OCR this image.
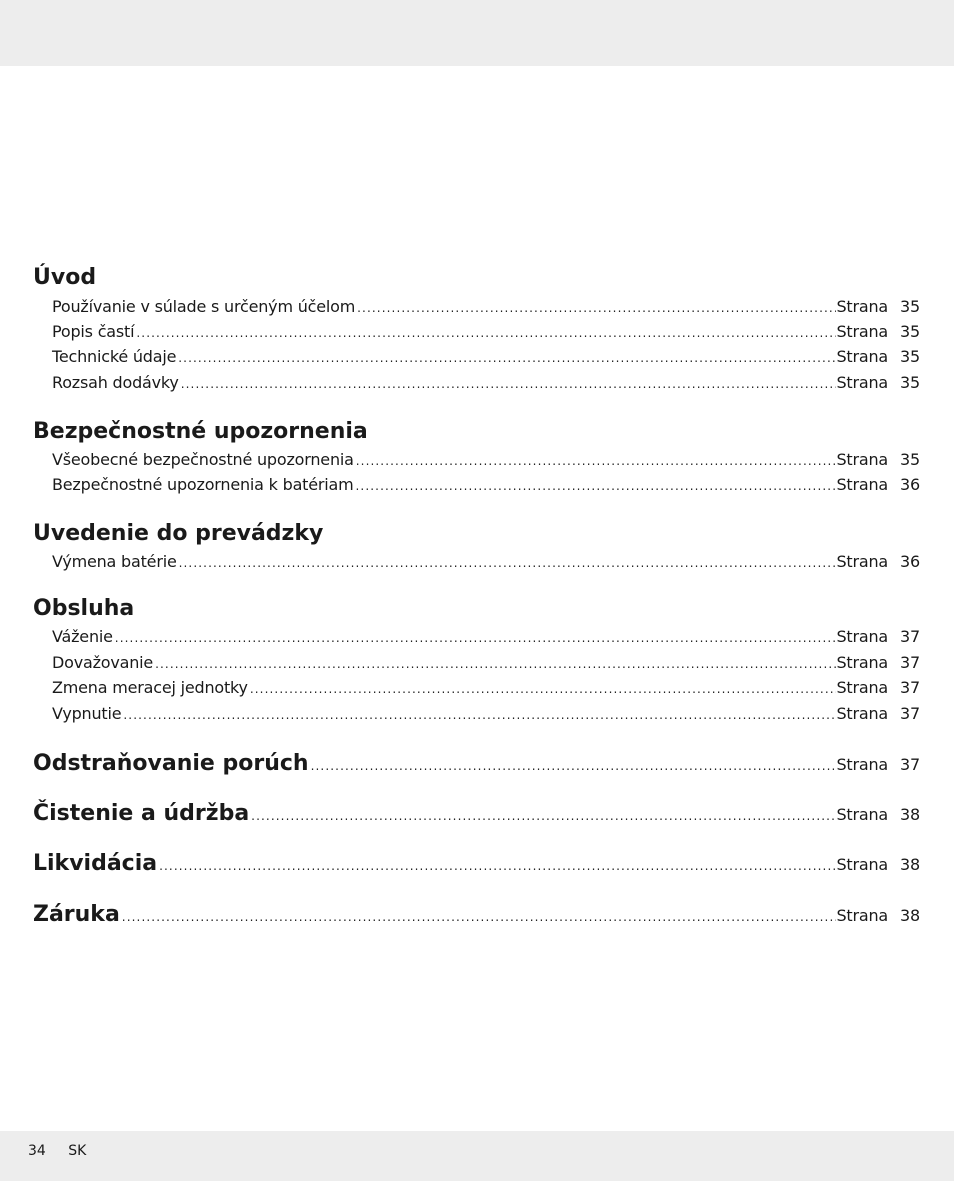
Úvod
Používanie v súlade s určeným účelom .....	Strana 35
Popis častí .....	Strana 35
Technické údaje .....	Strana 35
Rozsah dodávky .....	Strana 35
Bezpečnostné upozornenia
Všeobecné bezpečnostné upozornenia .....	Strana 35
Bezpečnostné upozornenia k batériam .....	Strana 36
Uvedenie do prevádzky
Výmena batérie .....	Strana 36
Obsluha
Váženie .....	Strana 37
Dovažovanie .....	Strana 37
Zmena meracej jednotky .....	Strana 37
Vypnutie .....	Strana 37
Odstraňovanie porúch .....	Strana 37
Čistenie a údržba .....	Strana 38
Likvidácia .....	Strana 38
Záruka .....	Strana 38
34 SK
